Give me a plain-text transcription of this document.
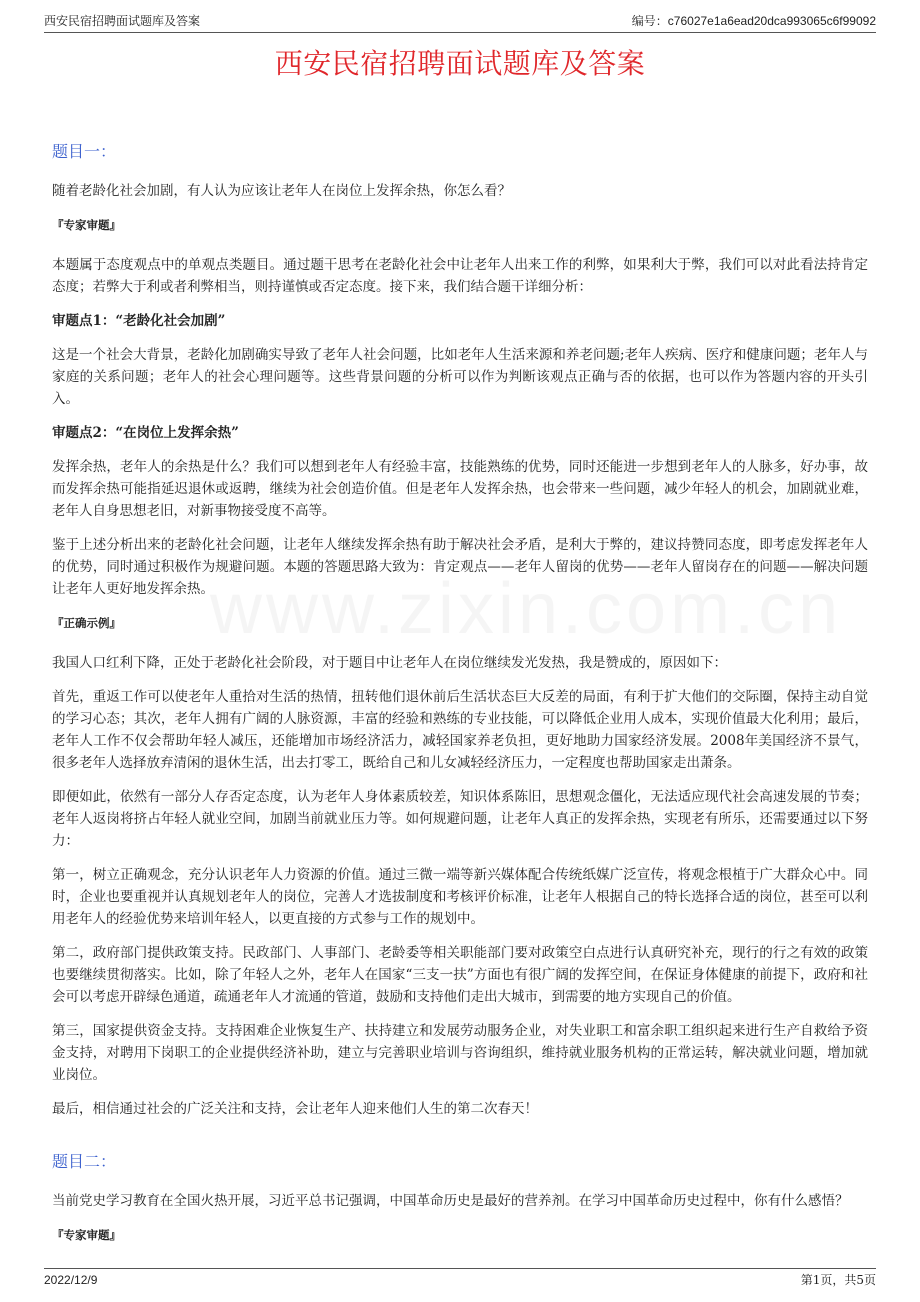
西安民宿招聘面试题库及答案	编号：c76027e1a6ead20dca993065c6f99092
西安民宿招聘面试题库及答案
www.zixin.com.cn
题目一：

随着老龄化社会加剧，有人认为应该让老年人在岗位上发挥余热，你怎么看？

『专家审题』

本题属于态度观点中的单观点类题目。通过题干思考在老龄化社会中让老年人出来工作的利弊，如果利大于弊，我们可以对此看法持肯定态度；若弊大于利或者利弊相当，则持谨慎或否定态度。接下来，我们结合题干详细分析：

审题点1：“老龄化社会加剧”

这是一个社会大背景，老龄化加剧确实导致了老年人社会问题，比如老年人生活来源和养老问题;老年人疾病、医疗和健康问题；老年人与家庭的关系问题；老年人的社会心理问题等。这些背景问题的分析可以作为判断该观点正确与否的依据，也可以作为答题内容的开头引入。

审题点2：“在岗位上发挥余热”

发挥余热，老年人的余热是什么？我们可以想到老年人有经验丰富，技能熟练的优势，同时还能进一步想到老年人的人脉多，好办事，故而发挥余热可能指延迟退休或返聘，继续为社会创造价值。但是老年人发挥余热，也会带来一些问题，减少年轻人的机会，加剧就业难，老年人自身思想老旧，对新事物接受度不高等。

鉴于上述分析出来的老龄化社会问题，让老年人继续发挥余热有助于解决社会矛盾，是利大于弊的，建议持赞同态度，即考虑发挥老年人的优势，同时通过积极作为规避问题。本题的答题思路大致为：肯定观点——老年人留岗的优势——老年人留岗存在的问题——解决问题让老年人更好地发挥余热。

『正确示例』

我国人口红利下降，正处于老龄化社会阶段，对于题目中让老年人在岗位继续发光发热，我是赞成的，原因如下：

首先，重返工作可以使老年人重拾对生活的热情，扭转他们退休前后生活状态巨大反差的局面，有利于扩大他们的交际圈，保持主动自觉的学习心态；其次，老年人拥有广阔的人脉资源，丰富的经验和熟练的专业技能，可以降低企业用人成本，实现价值最大化利用；最后，老年人工作不仅会帮助年轻人减压，还能增加市场经济活力，减轻国家养老负担，更好地助力国家经济发展。2008年美国经济不景气，很多老年人选择放弃清闲的退休生活，出去打零工，既给自己和儿女减轻经济压力，一定程度也帮助国家走出萧条。

即便如此，依然有一部分人存否定态度，认为老年人身体素质较差，知识体系陈旧，思想观念僵化，无法适应现代社会高速发展的节奏；老年人返岗将挤占年轻人就业空间，加剧当前就业压力等。如何规避问题，让老年人真正的发挥余热，实现老有所乐，还需要通过以下努力：

第一，树立正确观念，充分认识老年人力资源的价值。通过三微一端等新兴媒体配合传统纸媒广泛宣传，将观念根植于广大群众心中。同时，企业也要重视并认真规划老年人的岗位，完善人才选拔制度和考核评价标准，让老年人根据自己的特长选择合适的岗位，甚至可以利用老年人的经验优势来培训年轻人，以更直接的方式参与工作的规划中。

第二，政府部门提供政策支持。民政部门、人事部门、老龄委等相关职能部门要对政策空白点进行认真研究补充，现行的行之有效的政策也要继续贯彻落实。比如，除了年轻人之外，老年人在国家“三支一扶”方面也有很广阔的发挥空间，在保证身体健康的前提下，政府和社会可以考虑开辟绿色通道，疏通老年人才流通的管道，鼓励和支持他们走出大城市，到需要的地方实现自己的价值。

第三，国家提供资金支持。支持困难企业恢复生产、扶持建立和发展劳动服务企业，对失业职工和富余职工组织起来进行生产自救给予资金支持，对聘用下岗职工的企业提供经济补助，建立与完善职业培训与咨询组织，维持就业服务机构的正常运转，解决就业问题，增加就业岗位。

最后，相信通过社会的广泛关注和支持，会让老年人迎来他们人生的第二次春天！

题目二：

当前党史学习教育在全国火热开展，习近平总书记强调，中国革命历史是最好的营养剂。在学习中国革命历史过程中，你有什么感悟？

『专家审题』
2022/12/9	第1页，共5页
